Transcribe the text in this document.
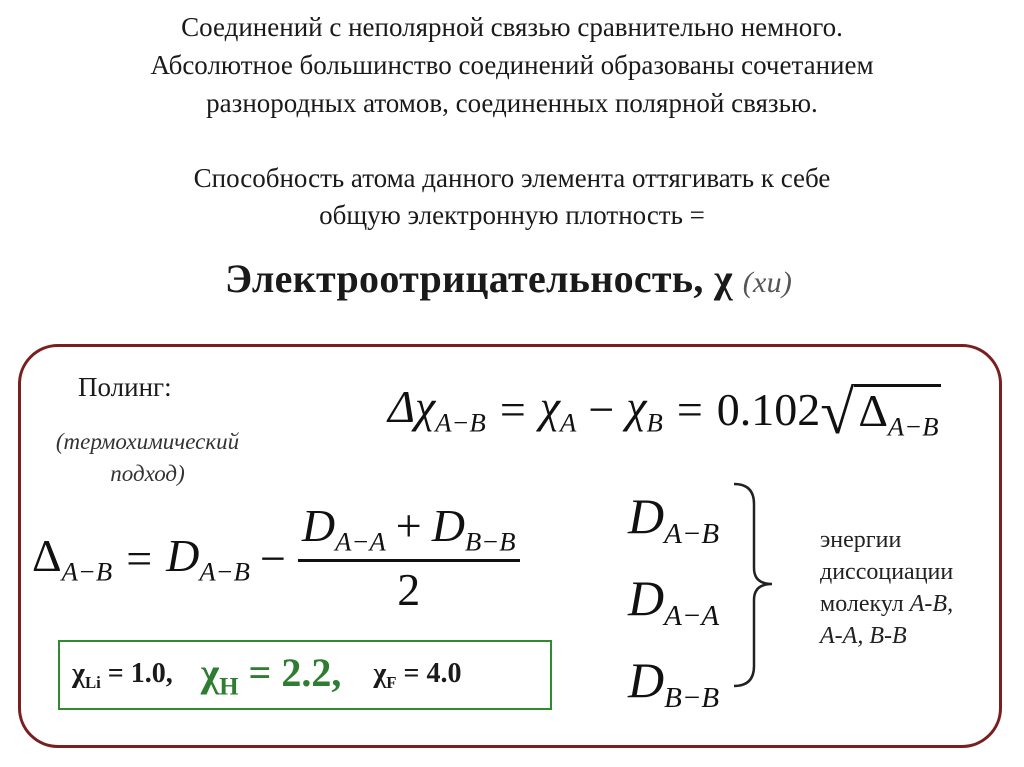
Соединений с неполярной связью сравнительно немного.
Абсолютное большинство соединений образованы сочетанием
разнородных атомов, соединенных полярной связью.
Способность атома данного элемента оттягивать к себе
общую электронную плотность =
Электроотрицательность, χ (хи)
Полинг:
(термохимический
подход)
$\Delta\chi_{A-B} = \chi_A - \chi_B = 0.102$ √ $\Delta_{A-B}$
$\Delta_{A-B} = D_{A-B} - \frac{D_{A-A} + D_{B-B}}{2} D_{A-B}$
$D_{A-A}$
$D_{B-B}$
энергии
диссоциации
молекул A-B,
A-A, B-B
$\chi_{Li} = 1.0$, $\chi_H = 2.2$, $\chi_F = 4.0$
